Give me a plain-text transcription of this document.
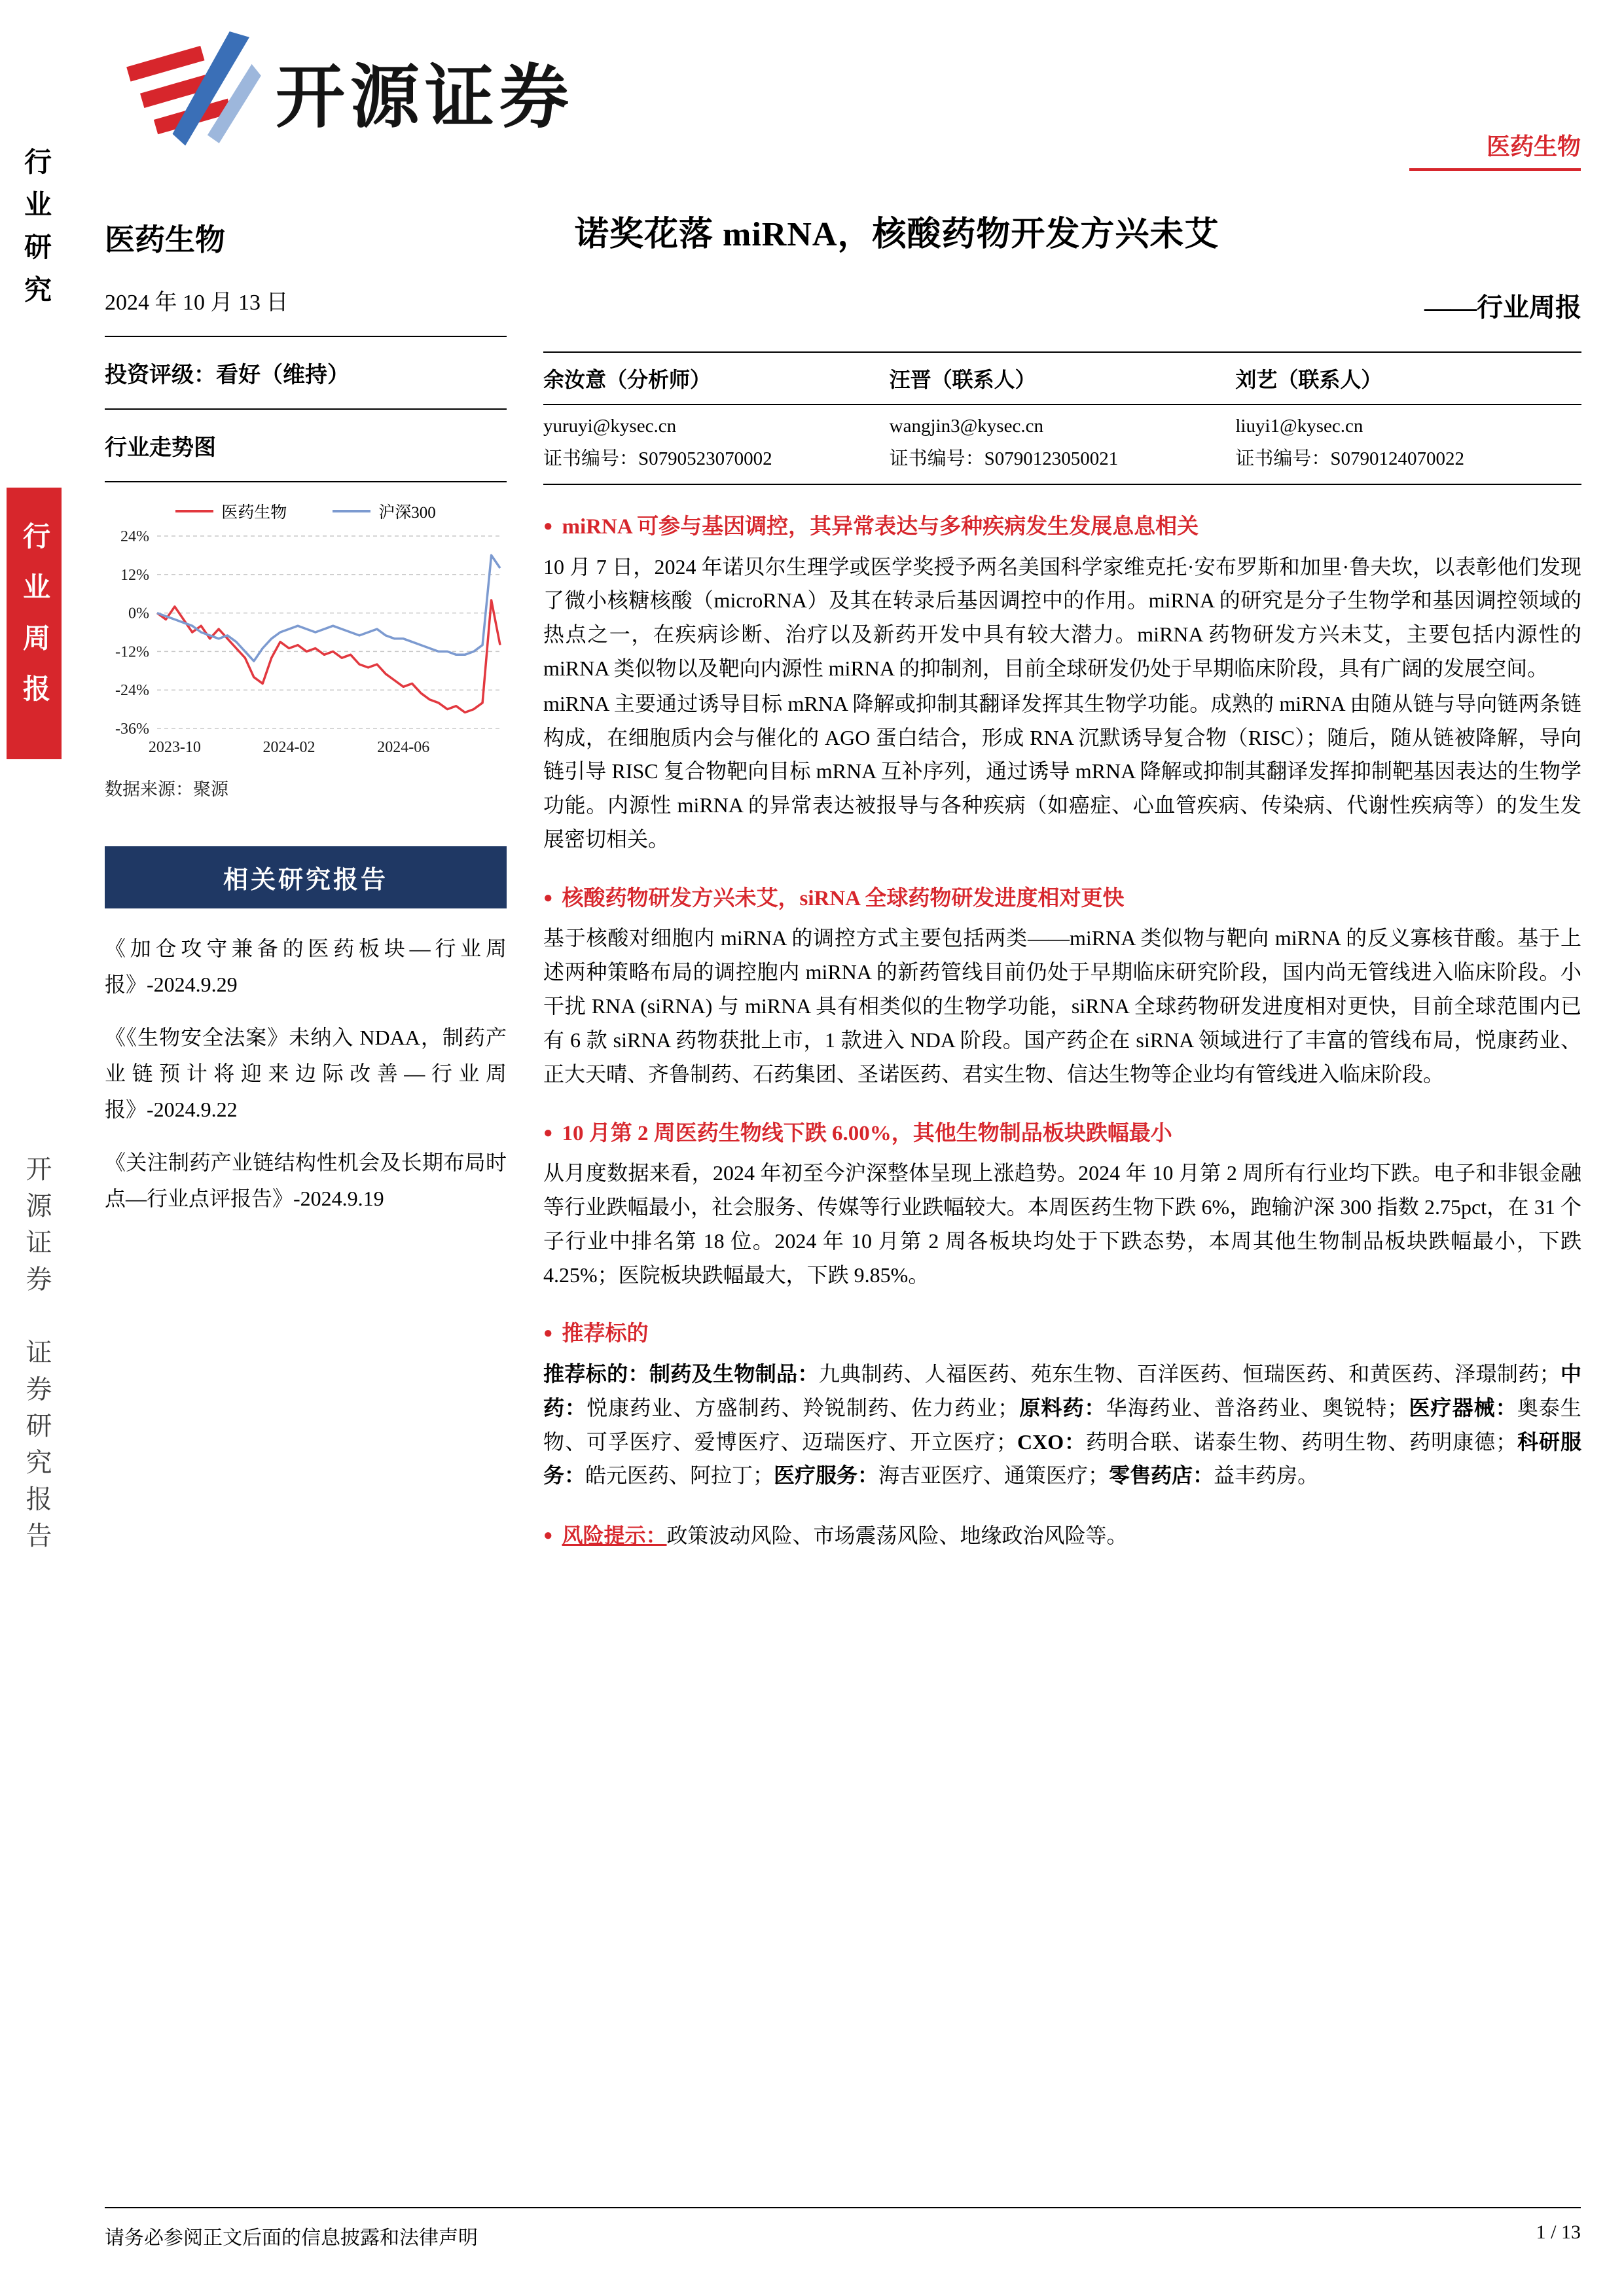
行业研究
行业周报
开源证券
证券研究报告
开源证券
医药生物
医药生物
2024 年 10 月 13 日
投资评级：看好（维持）
行业走势图
医药生物	沪深300
24%
12%
0%
-12%
-24%
-36%
2023-10	2024-02	2024-06
数据来源：聚源
相关研究报告
《加仓攻守兼备的医药板块—行业周报》-2024.9.29
《《生物安全法案》未纳入 NDAA，制药产业链预计将迎来边际改善—行业周报》-2024.9.22
《关注制药产业链结构性机会及长期布局时点—行业点评报告》-2024.9.19
诺奖花落 miRNA，核酸药物开发方兴未艾
——行业周报
余汝意（分析师）	汪晋（联系人）	刘艺（联系人）
yuruyi@kysec.cn	wangjin3@kysec.cn	liuyi1@kysec.cn
证书编号：S0790523070002	证书编号：S0790123050021	证书编号：S0790124070022
● miRNA 可参与基因调控，其异常表达与多种疾病发生发展息息相关

10 月 7 日，2024 年诺贝尔生理学或医学奖授予两名美国科学家维克托·安布罗斯和加里·鲁夫坎，以表彰他们发现了微小核糖核酸（microRNA）及其在转录后基因调控中的作用。miRNA 的研究是分子生物学和基因调控领域的热点之一，在疾病诊断、治疗以及新药开发中具有较大潜力。miRNA 药物研发方兴未艾，主要包括内源性的 miRNA 类似物以及靶向内源性 miRNA 的抑制剂，目前全球研发仍处于早期临床阶段，具有广阔的发展空间。

miRNA 主要通过诱导目标 mRNA 降解或抑制其翻译发挥其生物学功能。成熟的 miRNA 由随从链与导向链两条链构成，在细胞质内会与催化的 AGO 蛋白结合，形成 RNA 沉默诱导复合物（RISC）；随后，随从链被降解，导向链引导 RISC 复合物靶向目标 mRNA 互补序列，通过诱导 mRNA 降解或抑制其翻译发挥抑制靶基因表达的生物学功能。内源性 miRNA 的异常表达被报导与各种疾病（如癌症、心血管疾病、传染病、代谢性疾病等）的发生发展密切相关。

● 核酸药物研发方兴未艾，siRNA 全球药物研发进度相对更快

基于核酸对细胞内 miRNA 的调控方式主要包括两类——miRNA 类似物与靶向 miRNA 的反义寡核苷酸。基于上述两种策略布局的调控胞内 miRNA 的新药管线目前仍处于早期临床研究阶段，国内尚无管线进入临床阶段。小干扰 RNA (siRNA) 与 miRNA 具有相类似的生物学功能，siRNA 全球药物研发进度相对更快，目前全球范围内已有 6 款 siRNA 药物获批上市，1 款进入 NDA 阶段。国产药企在 siRNA 领域进行了丰富的管线布局，悦康药业、正大天晴、齐鲁制药、石药集团、圣诺医药、君实生物、信达生物等企业均有管线进入临床阶段。

● 10 月第 2 周医药生物线下跌 6.00%，其他生物制品板块跌幅最小

从月度数据来看，2024 年初至今沪深整体呈现上涨趋势。2024 年 10 月第 2 周所有行业均下跌。电子和非银金融等行业跌幅最小，社会服务、传媒等行业跌幅较大。本周医药生物下跌 6%，跑输沪深 300 指数 2.75pct，在 31 个子行业中排名第 18 位。2024 年 10 月第 2 周各板块均处于下跌态势，本周其他生物制品板块跌幅最小，下跌 4.25%；医院板块跌幅最大，下跌 9.85%。

● 推荐标的

推荐标的：制药及生物制品：九典制药、人福医药、苑东生物、百洋医药、恒瑞医药、和黄医药、泽璟制药；中药：悦康药业、方盛制药、羚锐制药、佐力药业；原料药：华海药业、普洛药业、奥锐特；医疗器械：奥泰生物、可孚医疗、爱博医疗、迈瑞医疗、开立医疗；CXO：药明合联、诺泰生物、药明生物、药明康德；科研服务：皓元医药、阿拉丁；医疗服务：海吉亚医疗、通策医疗；零售药店：益丰药房。

● 风险提示：政策波动风险、市场震荡风险、地缘政治风险等。

请务必参阅正文后面的信息披露和法律声明	1 / 13
